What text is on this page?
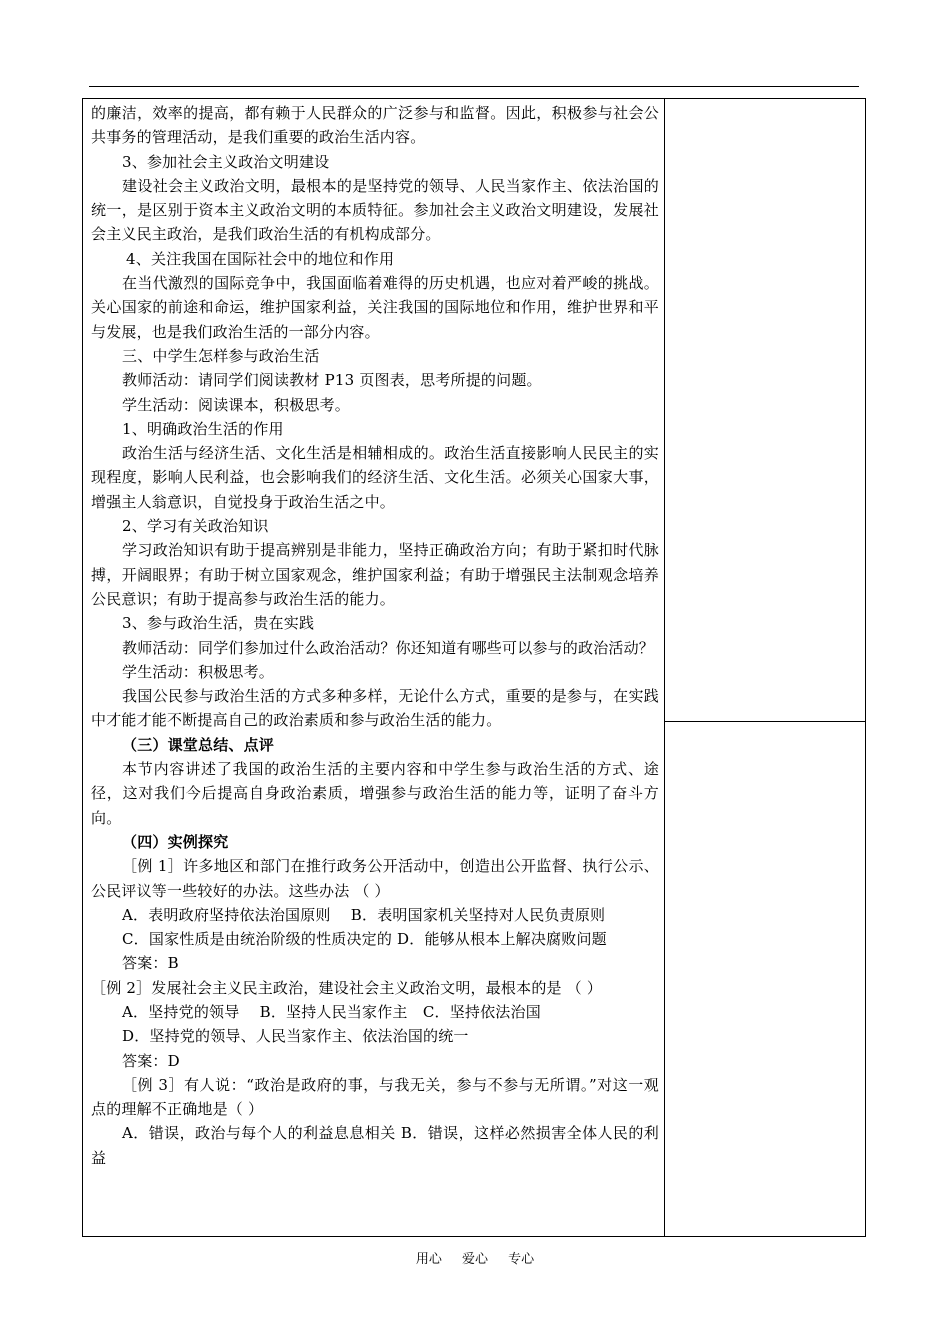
的廉洁，效率的提高，都有赖于人民群众的广泛参与和监督。因此，积极参与社会公共事务的管理活动，是我们重要的政治生活内容。

3、参加社会主义政治文明建设

建设社会主义政治文明，最根本的是坚持党的领导、人民当家作主、依法治国的统一，是区别于资本主义政治文明的本质特征。参加社会主义政治文明建设，发展社会主义民主政治，是我们政治生活的有机构成部分。

4、关注我国在国际社会中的地位和作用

在当代激烈的国际竞争中，我国面临着难得的历史机遇，也应对着严峻的挑战。关心国家的前途和命运，维护国家利益，关注我国的国际地位和作用，维护世界和平与发展，也是我们政治生活的一部分内容。

三、中学生怎样参与政治生活

教师活动：请同学们阅读教材 P13 页图表，思考所提的问题。

学生活动：阅读课本，积极思考。

1、明确政治生活的作用

政治生活与经济生活、文化生活是相辅相成的。政治生活直接影响人民民主的实现程度，影响人民利益，也会影响我们的经济生活、文化生活。必须关心国家大事，增强主人翁意识，自觉投身于政治生活之中。

2、学习有关政治知识

学习政治知识有助于提高辨别是非能力，坚持正确政治方向；有助于紧扣时代脉搏，开阔眼界；有助于树立国家观念，维护国家利益；有助于增强民主法制观念培养公民意识；有助于提高参与政治生活的能力。

3、参与政治生活，贵在实践

教师活动：同学们参加过什么政治活动？你还知道有哪些可以参与的政治活动？

学生活动：积极思考。

我国公民参与政治生活的方式多种多样，无论什么方式，重要的是参与，在实践中才能才能不断提高自己的政治素质和参与政治生活的能力。

（三）课堂总结、点评

本节内容讲述了我国的政治生活的主要内容和中学生参与政治生活的方式、途径，这对我们今后提高自身政治素质，增强参与政治生活的能力等，证明了奋斗方向。

（四）实例探究

［例 1］许多地区和部门在推行政务公开活动中，创造出公开监督、执行公示、公民评议等一些较好的办法。这些办法 （ ）

A．表明政府坚持依法治国原则　 B．表明国家机关坚持对人民负责原则

C．国家性质是由统治阶级的性质决定的 D．能够从根本上解决腐败问题

答案：B

［例 2］发展社会主义民主政治，建设社会主义政治文明，最根本的是 （ ）

A．坚持党的领导　 B．坚持人民当家作主　C．坚持依法治国

D．坚持党的领导、人民当家作主、依法治国的统一

答案：D

［例 3］有人说：“政治是政府的事，与我无关，参与不参与无所谓。”对这一观点的理解不正确地是（ ）

A．错误，政治与每个人的利益息息相关 B．错误，这样必然损害全体人民的利益

用心 爱心 专心
